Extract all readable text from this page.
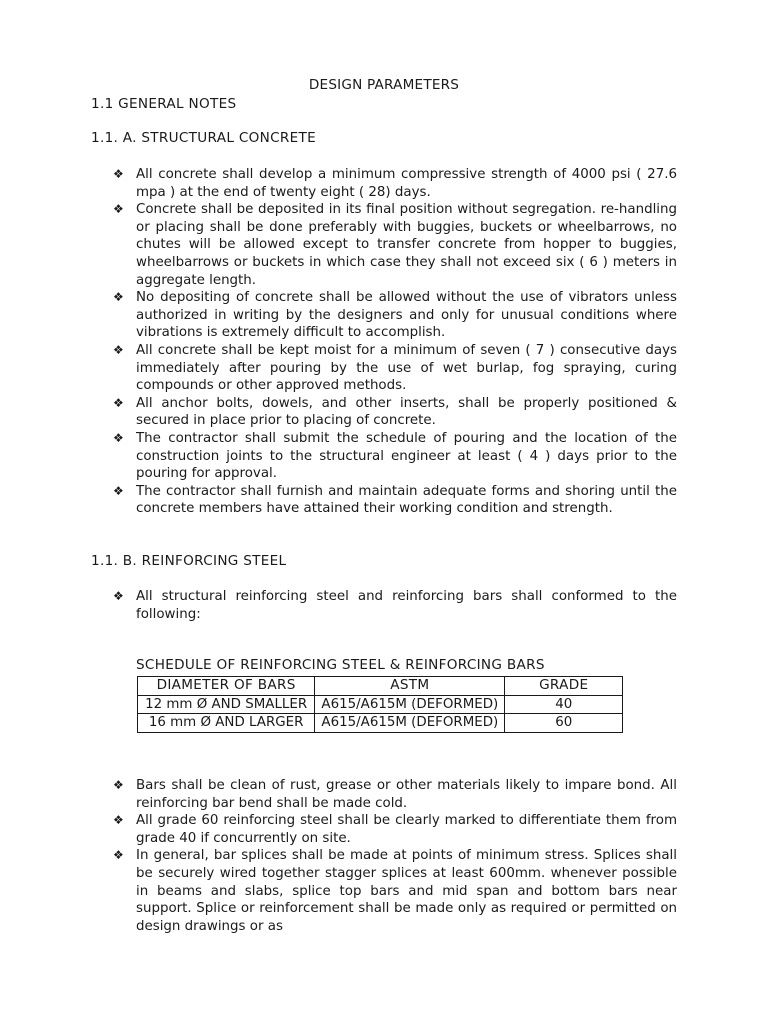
DESIGN PARAMETERS
1.1 GENERAL NOTES
1.1. A. STRUCTURAL CONCRETE
❖ All concrete shall develop a minimum compressive strength of 4000 psi ( 27.6 mpa ) at the end of twenty eight ( 28) days.
❖ Concrete shall be deposited in its final position without segregation. re-handling or placing shall be done preferably with buggies, buckets or wheelbarrows, no chutes will be allowed except to transfer concrete from hopper to buggies, wheelbarrows or buckets in which case they shall not exceed six ( 6 ) meters in aggregate length.
❖ No depositing of concrete shall be allowed without the use of vibrators unless authorized in writing by the designers and only for unusual conditions where vibrations is extremely difficult to accomplish.
❖ All concrete shall be kept moist for a minimum of seven ( 7 ) consecutive days immediately after pouring by the use of wet burlap, fog spraying, curing compounds or other approved methods.
❖ All anchor bolts, dowels, and other inserts, shall be properly positioned & secured in place prior to placing of concrete.
❖ The contractor shall submit the schedule of pouring and the location of the construction joints to the structural engineer at least ( 4 ) days prior to the pouring for approval.
❖ The contractor shall furnish and maintain adequate forms and shoring until the concrete members have attained their working condition and strength.
1.1. B. REINFORCING STEEL
❖ All structural reinforcing steel and reinforcing bars shall conformed to the following:
SCHEDULE OF REINFORCING STEEL & REINFORCING BARS
DIAMETER OF BARS	ASTM	GRADE
12 mm Ø AND SMALLER	A615/A615M (DEFORMED)	40
16 mm Ø AND LARGER	A615/A615M (DEFORMED)	60
❖ Bars shall be clean of rust, grease or other materials likely to impare bond. All reinforcing bar bend shall be made cold.
❖ All grade 60 reinforcing steel shall be clearly marked to differentiate them from grade 40 if concurrently on site.
❖ In general, bar splices shall be made at points of minimum stress. Splices shall be securely wired together stagger splices at least 600mm. whenever possible in beams and slabs, splice top bars and mid span and bottom bars near support. Splice or reinforcement shall be made only as required or permitted on design drawings or as
